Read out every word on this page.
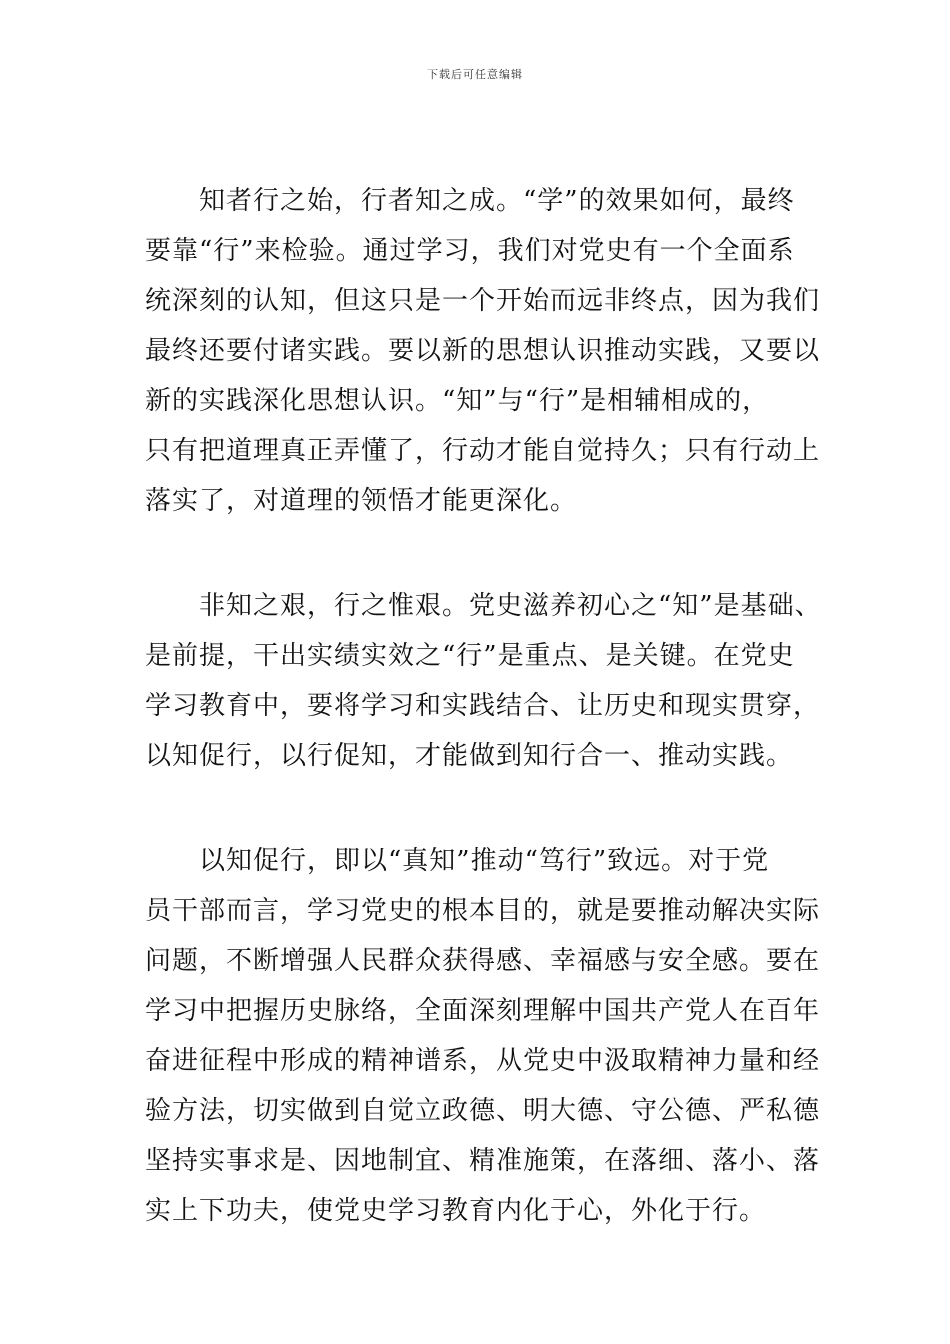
下载后可任意编辑
知者行之始，行者知之成。“学”的效果如何，最终
要靠“行”来检验。通过学习，我们对党史有一个全面系
统深刻的认知，但这只是一个开始而远非终点，因为我们
最终还要付诸实践。要以新的思想认识推动实践，又要以
新的实践深化思想认识。“知”与“行”是相辅相成的，
只有把道理真正弄懂了，行动才能自觉持久；只有行动上
落实了，对道理的领悟才能更深化。
非知之艰，行之惟艰。党史滋养初心之“知”是基础、
是前提，干出实绩实效之“行”是重点、是关键。在党史
学习教育中，要将学习和实践结合、让历史和现实贯穿，
以知促行，以行促知，才能做到知行合一、推动实践。
以知促行，即以“真知”推动“笃行”致远。对于党
员干部而言，学习党史的根本目的，就是要推动解决实际
问题，不断增强人民群众获得感、幸福感与安全感。要在
学习中把握历史脉络，全面深刻理解中国共产党人在百年
奋进征程中形成的精神谱系，从党史中汲取精神力量和经
验方法，切实做到自觉立政德、明大德、守公德、严私德
坚持实事求是、因地制宜、精准施策，在落细、落小、落
实上下功夫，使党史学习教育内化于心，外化于行。
